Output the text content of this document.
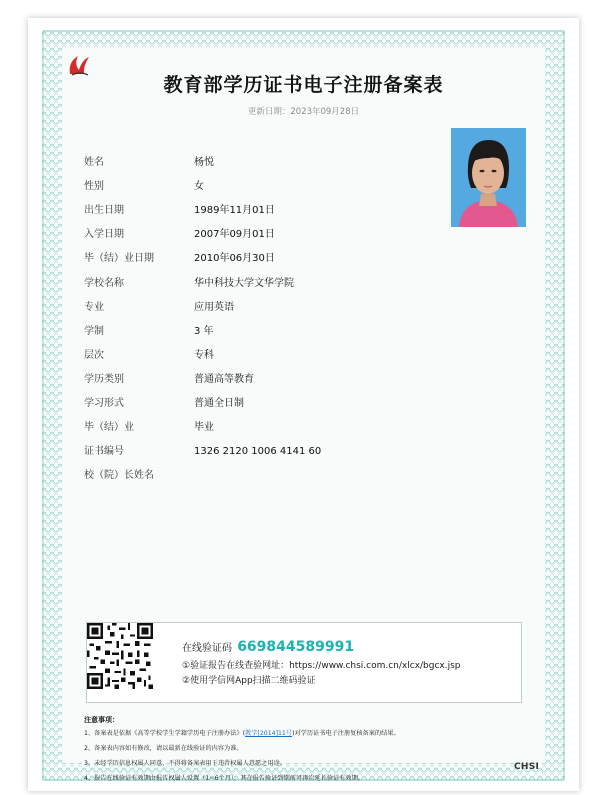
教育部学历证书电子注册备案表
更新日期：2023年09月28日
姓名	杨悦
性别	女
出生日期	1989年11月01日
入学日期	2007年09月01日
毕（结）业日期	2010年06月30日
学校名称	华中科技大学文华学院
专业	应用英语
学制	3 年
层次	专科
学历类别	普通高等教育
学习形式	普通全日制
毕（结）业	毕业
证书编号	1326 2120 1006 4141 60
校（院）长姓名
在线验证码 669844589991
①验证报告在线查验网址：https://www.chsi.com.cn/xlcx/bgcx.jsp
②使用学信网App扫描二维码验证
注意事项：
1、备案表是依据《高等学校学生学籍学历电子注册办法》(教学[2014]11号)对学历证书电子注册复核备案的结果。
2、备案表内容如有修改，请以最新在线验证的内容为准。
3、未经学历信息权属人同意，不得将备案表用于违背权属人意愿之用途。
4、报告在线验证有效期由报告权属人设置（1~6个月），其在报告验证到期前可再次延长验证有效期。
CHSI
